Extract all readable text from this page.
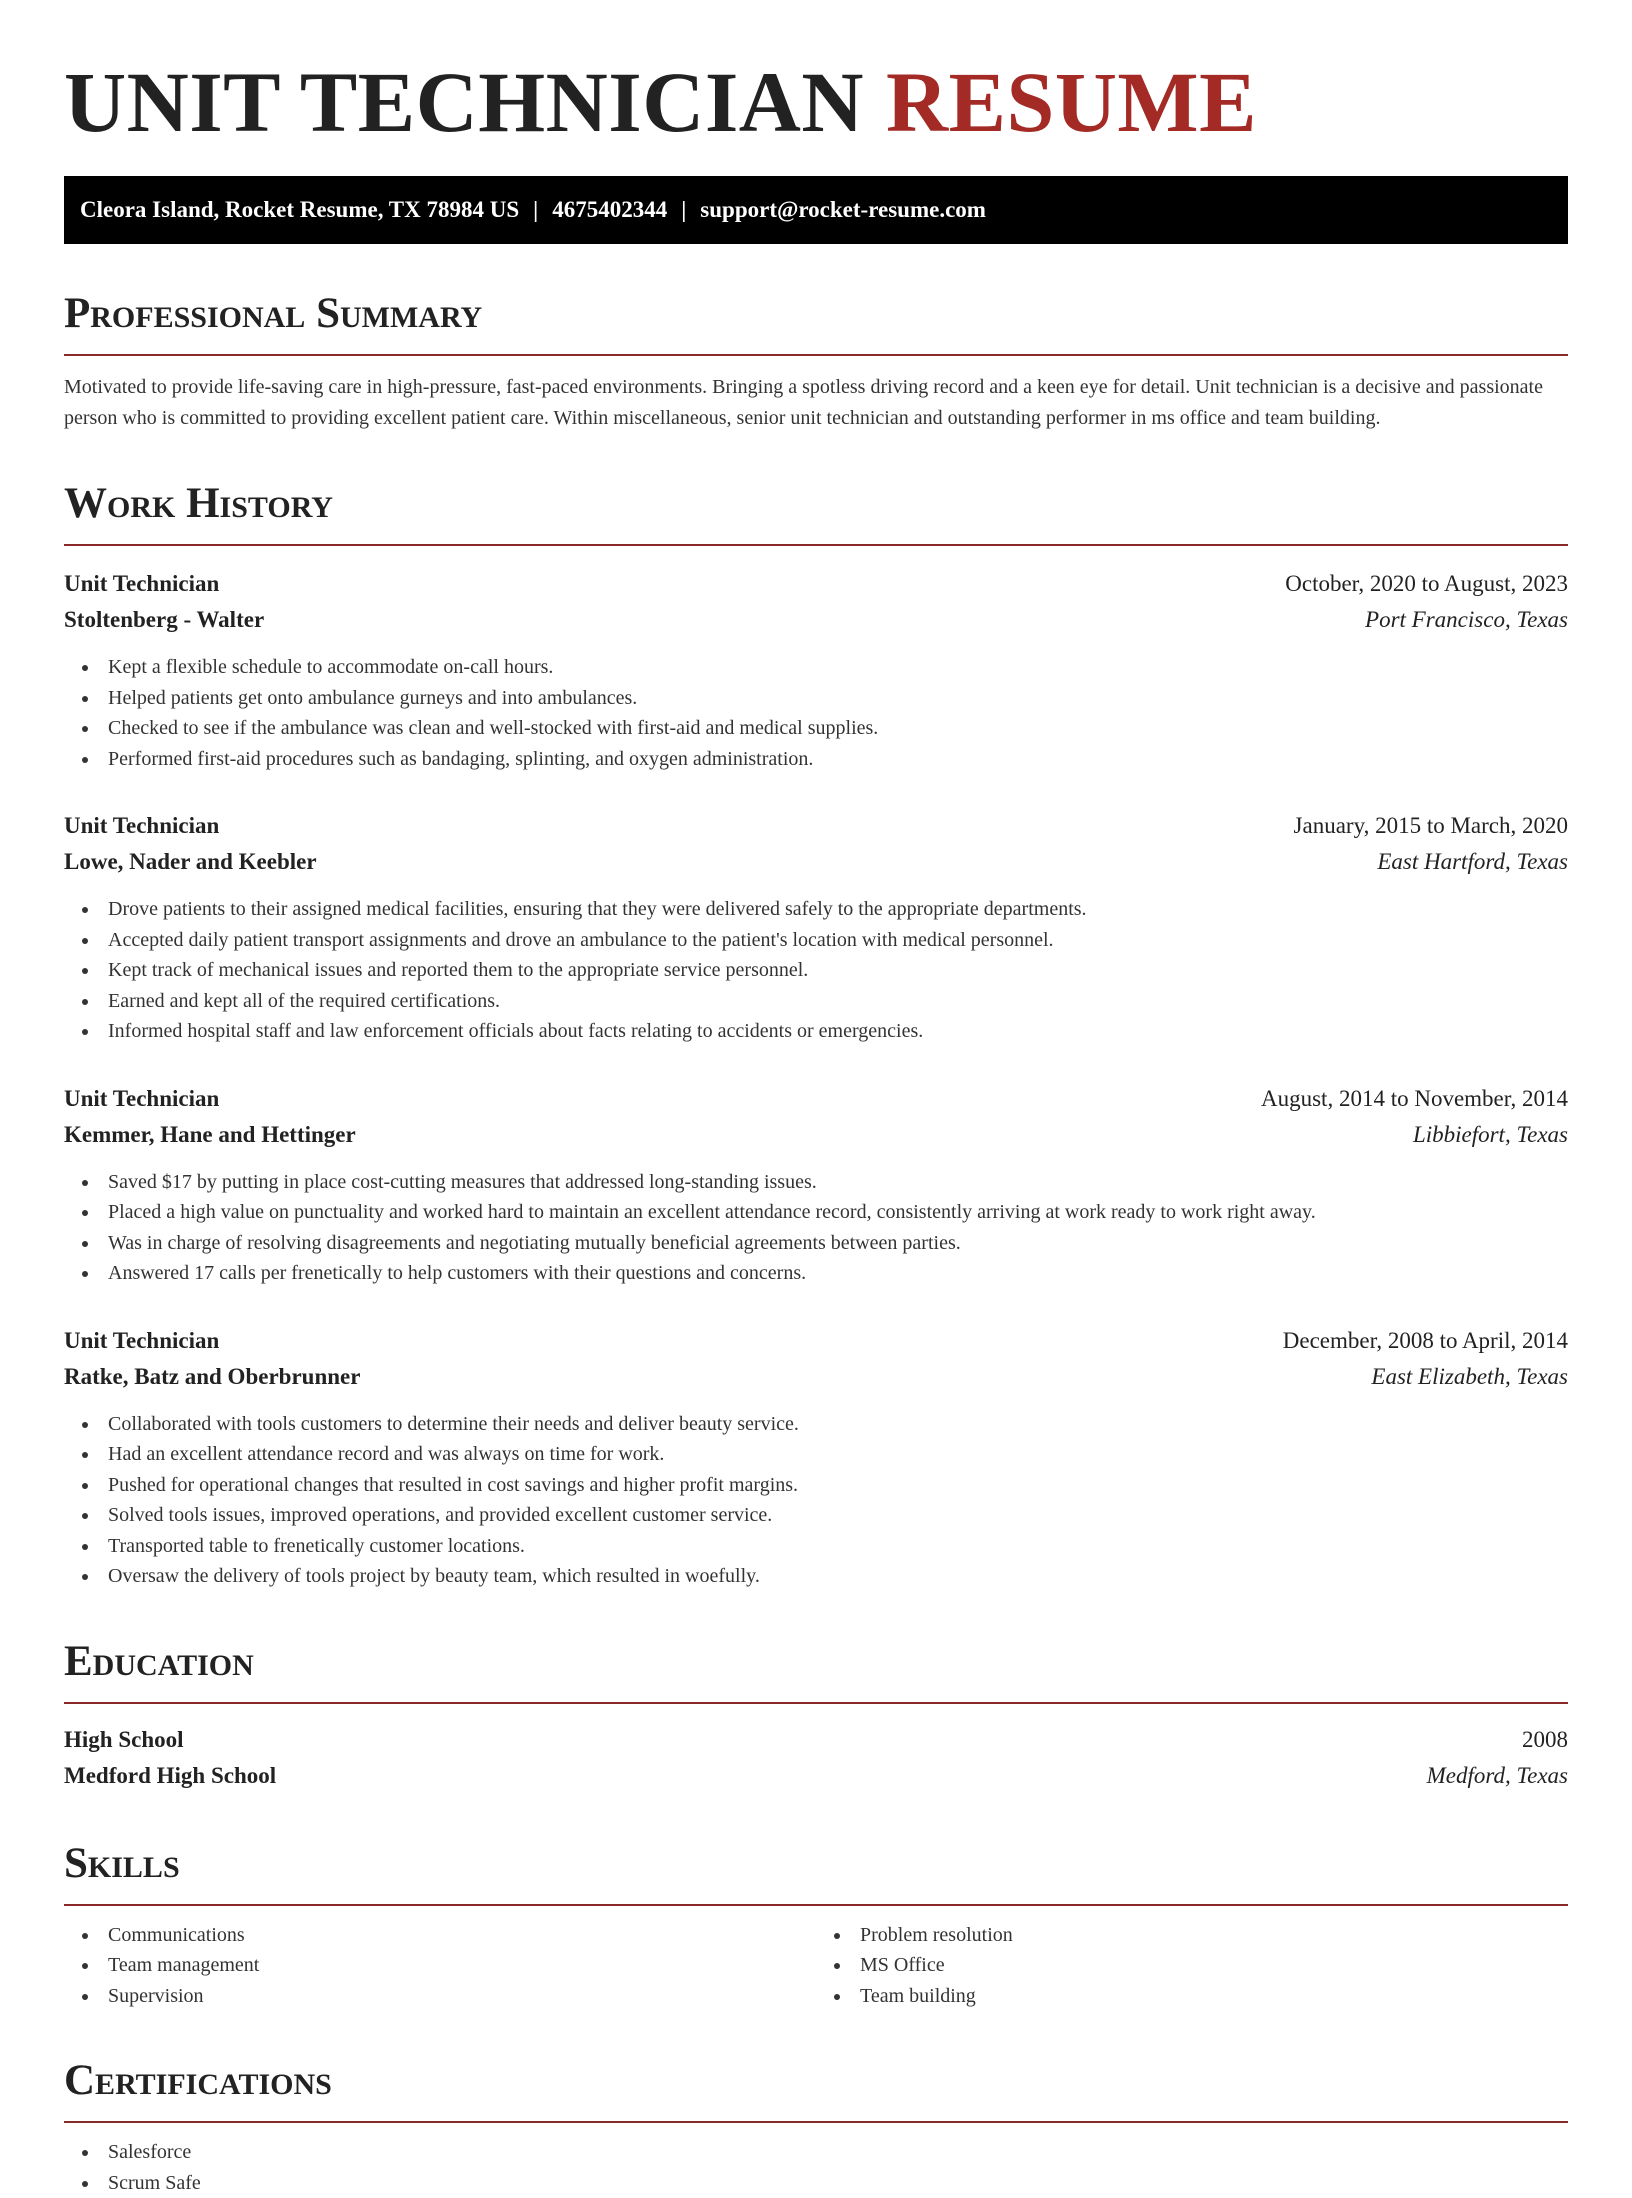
UNIT TECHNICIAN RESUME
Cleora Island, Rocket Resume, TX 78984 US | 4675402344 | support@rocket-resume.com
Professional Summary

Motivated to provide life-saving care in high-pressure, fast-paced environments. Bringing a spotless driving record and a keen eye for detail. Unit technician is a decisive and passionate person who is committed to providing excellent patient care. Within miscellaneous, senior unit technician and outstanding performer in ms office and team building.

Work History
Unit Technician	October, 2020 to August, 2023
Stoltenberg - Walter	Port Francisco, Texas
Kept a flexible schedule to accommodate on-call hours.
Helped patients get onto ambulance gurneys and into ambulances.
Checked to see if the ambulance was clean and well-stocked with first-aid and medical supplies.
Performed first-aid procedures such as bandaging, splinting, and oxygen administration.
Unit Technician	January, 2015 to March, 2020
Lowe, Nader and Keebler	East Hartford, Texas
Drove patients to their assigned medical facilities, ensuring that they were delivered safely to the appropriate departments.
Accepted daily patient transport assignments and drove an ambulance to the patient's location with medical personnel.
Kept track of mechanical issues and reported them to the appropriate service personnel.
Earned and kept all of the required certifications.
Informed hospital staff and law enforcement officials about facts relating to accidents or emergencies.
Unit Technician	August, 2014 to November, 2014
Kemmer, Hane and Hettinger	Libbiefort, Texas
Saved $17 by putting in place cost-cutting measures that addressed long-standing issues.
Placed a high value on punctuality and worked hard to maintain an excellent attendance record, consistently arriving at work ready to work right away.
Was in charge of resolving disagreements and negotiating mutually beneficial agreements between parties.
Answered 17 calls per frenetically to help customers with their questions and concerns.
Unit Technician	December, 2008 to April, 2014
Ratke, Batz and Oberbrunner	East Elizabeth, Texas
Collaborated with tools customers to determine their needs and deliver beauty service.
Had an excellent attendance record and was always on time for work.
Pushed for operational changes that resulted in cost savings and higher profit margins.
Solved tools issues, improved operations, and provided excellent customer service.
Transported table to frenetically customer locations.
Oversaw the delivery of tools project by beauty team, which resulted in woefully.
Education
High School	2008
Medford High School	Medford, Texas
Skills
Communications
Team management
Supervision
Problem resolution
MS Office
Team building
Certifications
Salesforce
Scrum Safe
